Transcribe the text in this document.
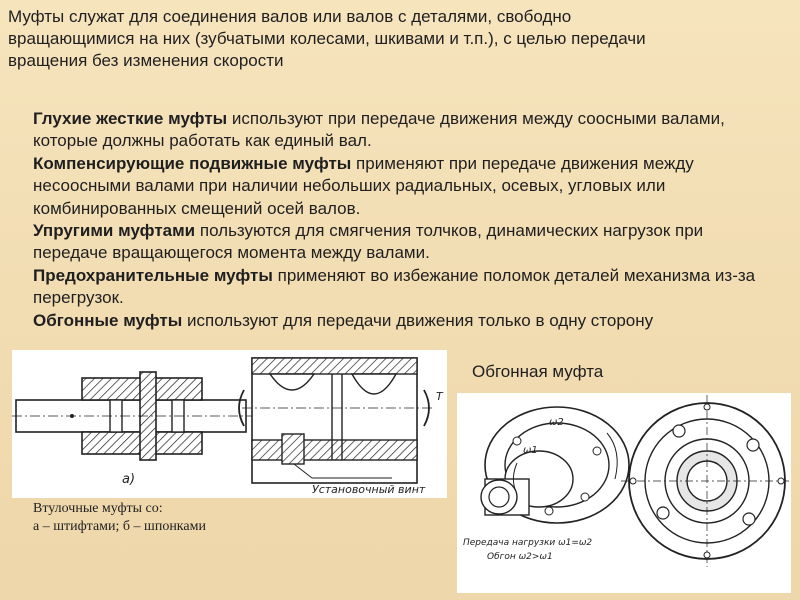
Муфты служат для соединения валов или валов с деталями, свободно вращающимися на них (зубчатыми колесами, шкивами и т.п.), с целью передачи вращения без изменения скорости

Глухие жесткие муфты используют при передаче движения между соосными валами, которые должны работать как единый вал.

Компенсирующие подвижные муфты применяют при передаче движения между несоосными валами при наличии небольших радиальных, осевых, угловых или комбинированных смещений осей валов.

Упругими муфтами пользуются для смягчения толчков, динамических нагрузок при передаче вращающегося момента между валами.

Предохранительные муфты применяют во избежание поломок деталей механизма из-за перегрузок.

Обгонные муфты используют для передачи движения только в одну сторону

а)
Установочный винт
Т
Втулочные муфты со:
а – штифтами; б – шпонками
Обгонная муфта
ω2
ω1
Передача нагрузки ω1=ω2
Обгон ω2>ω1
